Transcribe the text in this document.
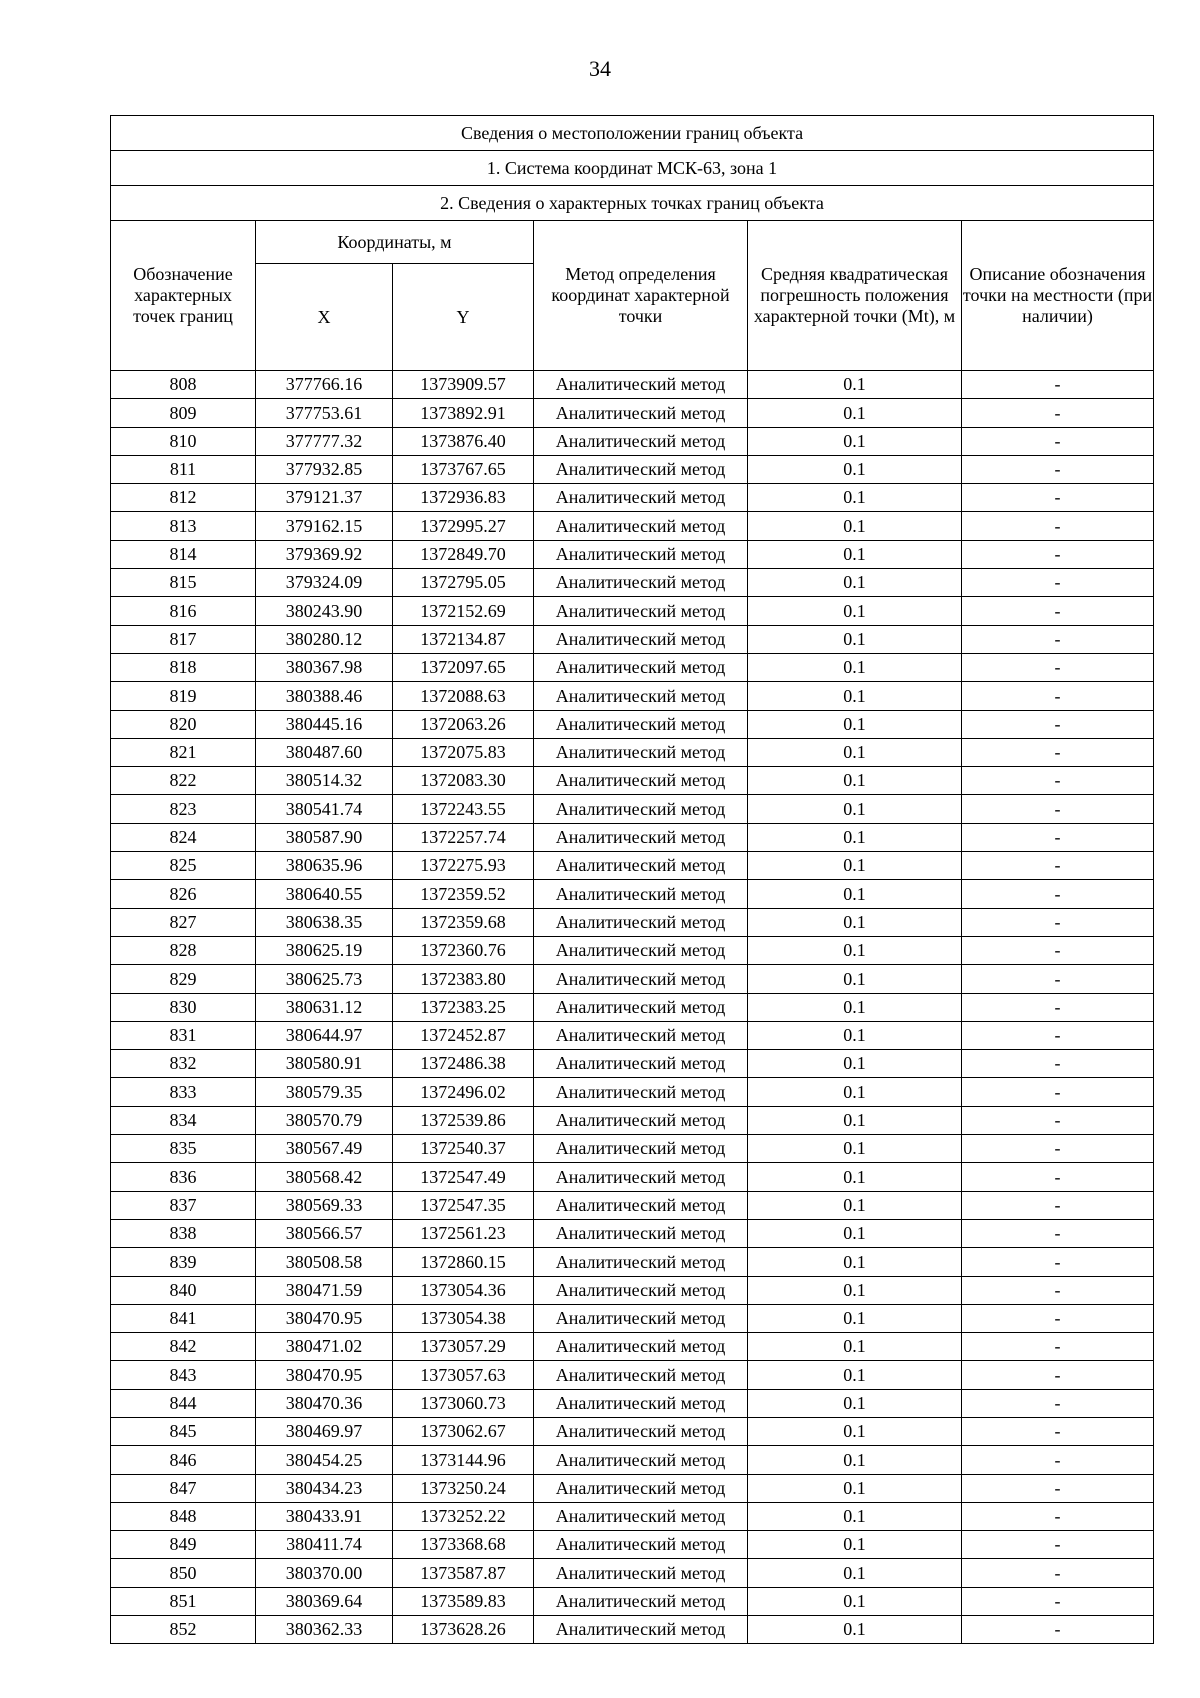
34
Сведения о местоположении границ объекта					
1. Система координат МСК-63, зона 1					
2. Сведения о характерных точках границ объекта					
Обозначение характерных точек границ	Координаты, м		Метод определения координат характерной точки	Средняя квадратическая погрешность положения характерной точки (Mt), м	Описание обозначения точки на местности (при наличии)
	X	Y			
808	377766.16	1373909.57	Аналитический метод	0.1	-
809	377753.61	1373892.91	Аналитический метод	0.1	-
810	377777.32	1373876.40	Аналитический метод	0.1	-
811	377932.85	1373767.65	Аналитический метод	0.1	-
812	379121.37	1372936.83	Аналитический метод	0.1	-
813	379162.15	1372995.27	Аналитический метод	0.1	-
814	379369.92	1372849.70	Аналитический метод	0.1	-
815	379324.09	1372795.05	Аналитический метод	0.1	-
816	380243.90	1372152.69	Аналитический метод	0.1	-
817	380280.12	1372134.87	Аналитический метод	0.1	-
818	380367.98	1372097.65	Аналитический метод	0.1	-
819	380388.46	1372088.63	Аналитический метод	0.1	-
820	380445.16	1372063.26	Аналитический метод	0.1	-
821	380487.60	1372075.83	Аналитический метод	0.1	-
822	380514.32	1372083.30	Аналитический метод	0.1	-
823	380541.74	1372243.55	Аналитический метод	0.1	-
824	380587.90	1372257.74	Аналитический метод	0.1	-
825	380635.96	1372275.93	Аналитический метод	0.1	-
826	380640.55	1372359.52	Аналитический метод	0.1	-
827	380638.35	1372359.68	Аналитический метод	0.1	-
828	380625.19	1372360.76	Аналитический метод	0.1	-
829	380625.73	1372383.80	Аналитический метод	0.1	-
830	380631.12	1372383.25	Аналитический метод	0.1	-
831	380644.97	1372452.87	Аналитический метод	0.1	-
832	380580.91	1372486.38	Аналитический метод	0.1	-
833	380579.35	1372496.02	Аналитический метод	0.1	-
834	380570.79	1372539.86	Аналитический метод	0.1	-
835	380567.49	1372540.37	Аналитический метод	0.1	-
836	380568.42	1372547.49	Аналитический метод	0.1	-
837	380569.33	1372547.35	Аналитический метод	0.1	-
838	380566.57	1372561.23	Аналитический метод	0.1	-
839	380508.58	1372860.15	Аналитический метод	0.1	-
840	380471.59	1373054.36	Аналитический метод	0.1	-
841	380470.95	1373054.38	Аналитический метод	0.1	-
842	380471.02	1373057.29	Аналитический метод	0.1	-
843	380470.95	1373057.63	Аналитический метод	0.1	-
844	380470.36	1373060.73	Аналитический метод	0.1	-
845	380469.97	1373062.67	Аналитический метод	0.1	-
846	380454.25	1373144.96	Аналитический метод	0.1	-
847	380434.23	1373250.24	Аналитический метод	0.1	-
848	380433.91	1373252.22	Аналитический метод	0.1	-
849	380411.74	1373368.68	Аналитический метод	0.1	-
850	380370.00	1373587.87	Аналитический метод	0.1	-
851	380369.64	1373589.83	Аналитический метод	0.1	-
852	380362.33	1373628.26	Аналитический метод	0.1	-
